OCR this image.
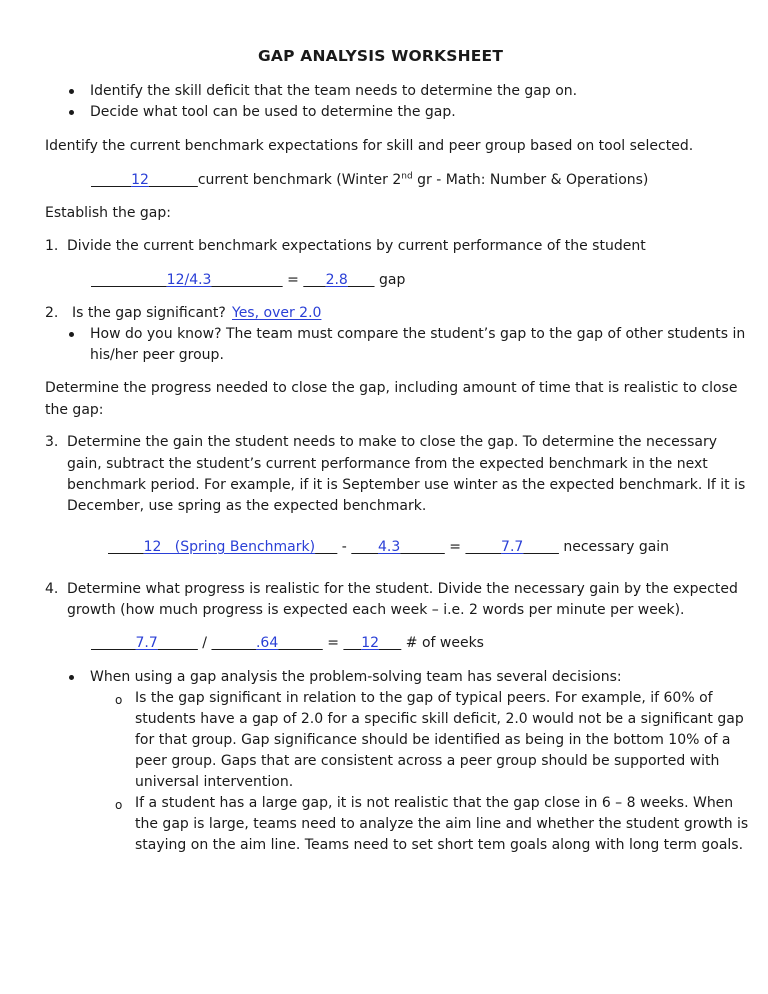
GAP ANALYSIS WORKSHEET
Identify the skill deficit that the team needs to determine the gap on.
Decide what tool can be used to determine the gap.
Identify the current benchmark expectations for skill and peer group based on tool selected.
12	current benchmark (Winter 2nd gr - Math: Number & Operations)
Establish the gap:
1. Divide the current benchmark expectations by current performance of the student
12/4.3	= 2.8 gap
2. Is the gap significant? Yes, over 2.0
How do you know? The team must compare the student’s gap to the gap of other students in
his/her peer group.
Determine the progress needed to close the gap, including amount of time that is realistic to close
the gap:
3. Determine the gain the student needs to make to close the gap. To determine the necessary
gain, subtract the student’s current performance from the expected benchmark in the next
benchmark period. For example, if it is September use winter as the expected benchmark. If it is
December, use spring as the expected benchmark.
12   (Spring Benchmark) - 4.3	=	7.7	necessary gain
4. Determine what progress is realistic for the student. Divide the necessary gain by the expected
growth (how much progress is expected each week – i.e. 2 words per minute per week).
7.7	/	.64	= 12 # of weeks
When using a gap analysis the problem-solving team has several decisions:
o Is the gap significant in relation to the gap of typical peers. For example, if 60% of
students have a gap of 2.0 for a specific skill deficit, 2.0 would not be a significant gap
for that group. Gap significance should be identified as being in the bottom 10% of a
peer group. Gaps that are consistent across a peer group should be supported with
universal intervention.
o If a student has a large gap, it is not realistic that the gap close in 6 – 8 weeks. When
the gap is large, teams need to analyze the aim line and whether the student growth is
staying on the aim line. Teams need to set short tem goals along with long term goals.
